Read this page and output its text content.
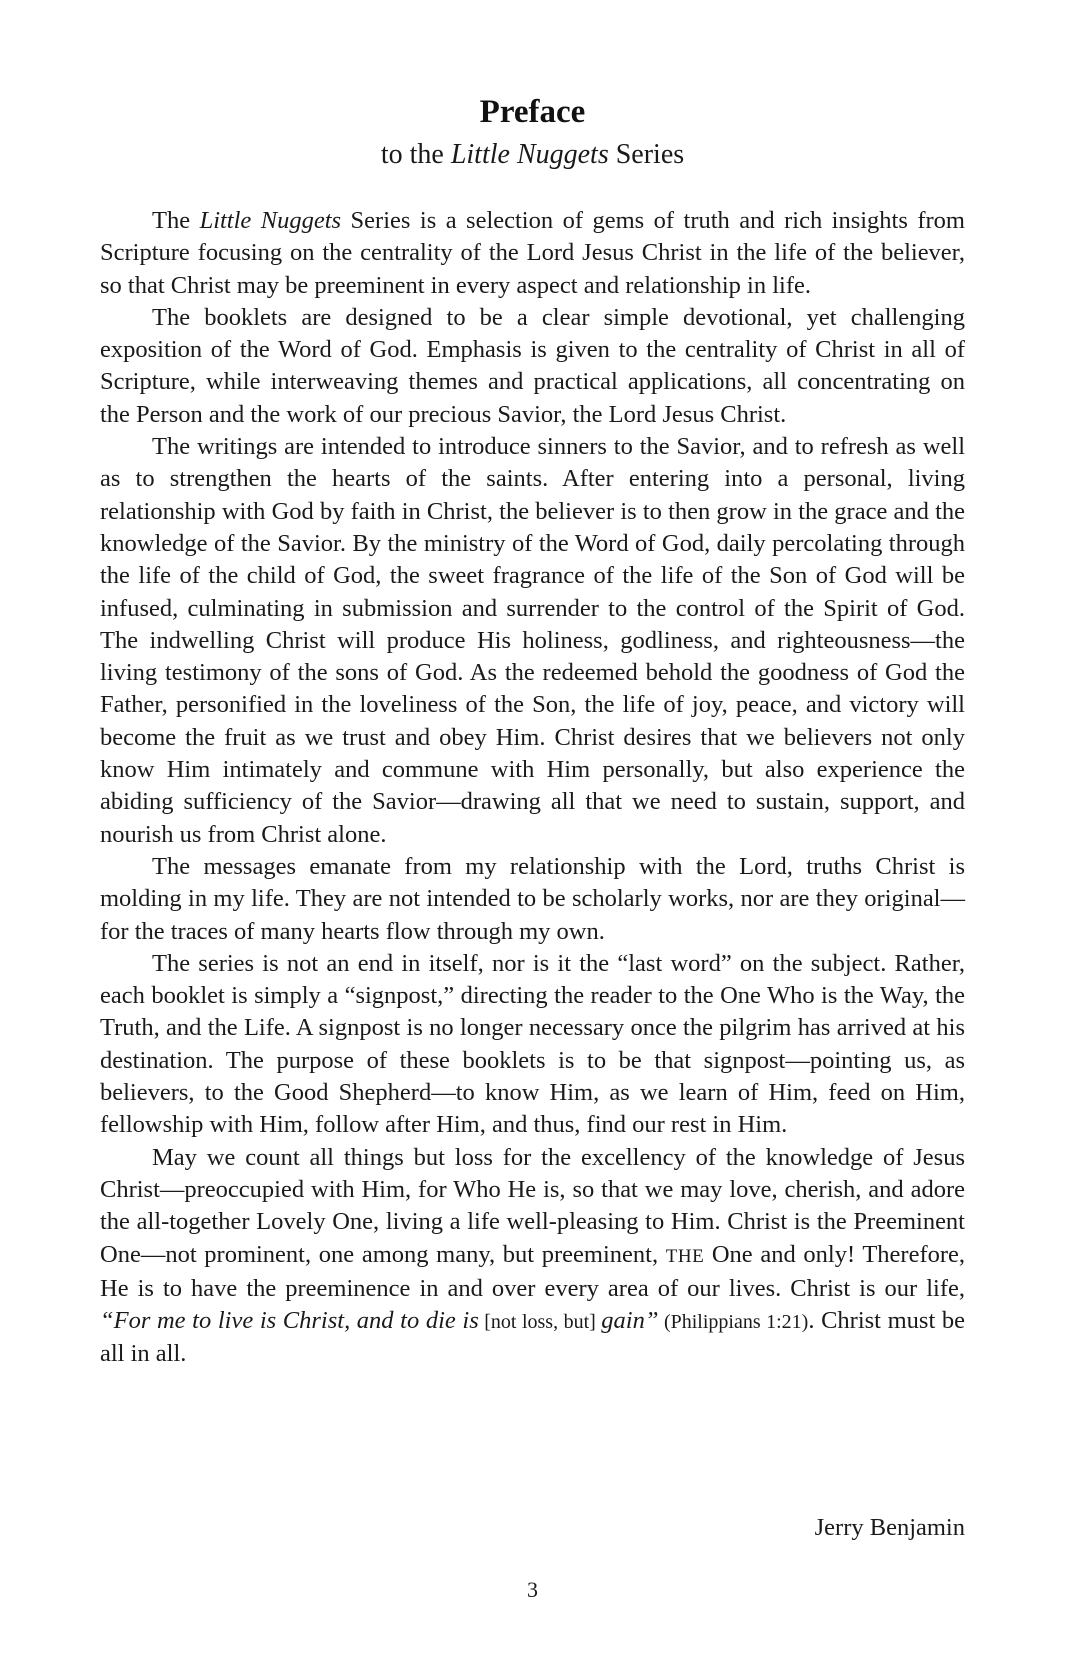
Preface
to the Little Nuggets Series

The Little Nuggets Series is a selection of gems of truth and rich insights from Scripture focusing on the centrality of the Lord Jesus Christ in the life of the believer, so that Christ may be preeminent in every aspect and relationship in life.

The booklets are designed to be a clear simple devotional, yet challenging exposition of the Word of God. Emphasis is given to the centrality of Christ in all of Scripture, while interweaving themes and practical applications, all concentrating on the Person and the work of our precious Savior, the Lord Jesus Christ.

The writings are intended to introduce sinners to the Savior, and to refresh as well as to strengthen the hearts of the saints. After entering into a personal, living relationship with God by faith in Christ, the believer is to then grow in the grace and the knowledge of the Savior. By the ministry of the Word of God, daily percolating through the life of the child of God, the sweet fragrance of the life of the Son of God will be infused, culminating in submission and surrender to the control of the Spirit of God. The indwelling Christ will produce His holiness, godliness, and righteousness—the living testimony of the sons of God. As the redeemed behold the goodness of God the Father, personified in the loveliness of the Son, the life of joy, peace, and victory will become the fruit as we trust and obey Him. Christ desires that we believers not only know Him intimately and commune with Him personally, but also experience the abiding sufficiency of the Savior—drawing all that we need to sustain, support, and nourish us from Christ alone.

The messages emanate from my relationship with the Lord, truths Christ is molding in my life. They are not intended to be scholarly works, nor are they original—for the traces of many hearts flow through my own.

The series is not an end in itself, nor is it the “last word” on the subject. Rather, each booklet is simply a “signpost,” directing the reader to the One Who is the Way, the Truth, and the Life. A signpost is no longer necessary once the pilgrim has arrived at his destination. The purpose of these booklets is to be that signpost—pointing us, as believers, to the Good Shepherd—to know Him, as we learn of Him, feed on Him, fellowship with Him, follow after Him, and thus, find our rest in Him.

May we count all things but loss for the excellency of the knowledge of Jesus Christ—preoccupied with Him, for Who He is, so that we may love, cherish, and adore the all-together Lovely One, living a life well-pleasing to Him. Christ is the Preeminent One—not prominent, one among many, but preeminent, THE One and only! Therefore, He is to have the preeminence in and over every area of our lives. Christ is our life, “For me to live is Christ, and to die is [not loss, but] gain” (Philippians 1:21). Christ must be all in all.

Jerry Benjamin
3
